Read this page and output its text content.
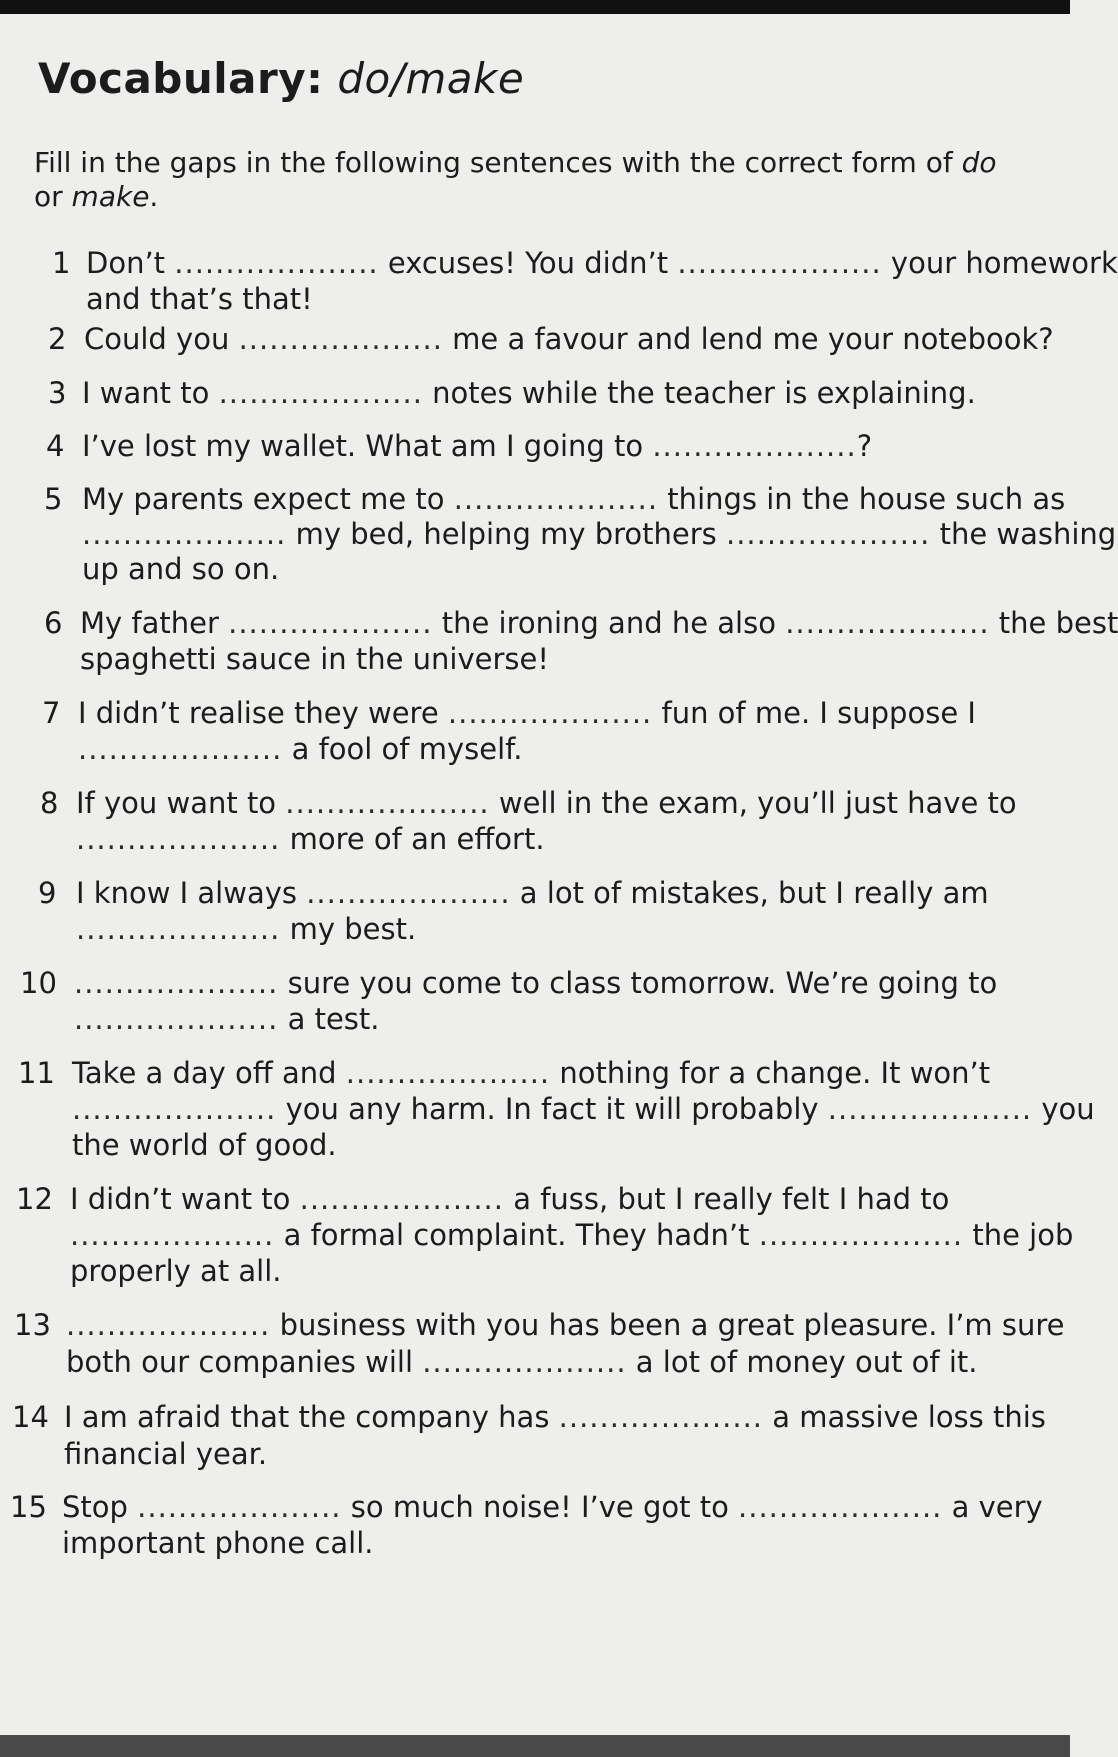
Vocabulary: do/make
Fill in the gaps in the following sentences with the correct form of do or make.
1 Don’t .................... excuses! You didn’t .................... your homework
and that’s that!
2 Could you .................... me a favour and lend me your notebook?
3 I want to .................... notes while the teacher is explaining.
4 I’ve lost my wallet. What am I going to ....................?
5 My parents expect me to .................... things in the house such as
.................... my bed, helping my brothers .................... the washing
up and so on.
6 My father .................... the ironing and he also .................... the best
spaghetti sauce in the universe!
7 I didn’t realise they were .................... fun of me. I suppose I
.................... a fool of myself.
8 If you want to .................... well in the exam, you’ll just have to
.................... more of an effort.
9 I know I always .................... a lot of mistakes, but I really am
.................... my best.
10 .................... sure you come to class tomorrow. We’re going to
.................... a test.
11 Take a day off and .................... nothing for a change. It won’t
.................... you any harm. In fact it will probably .................... you
the world of good.
12 I didn’t want to .................... a fuss, but I really felt I had to
.................... a formal complaint. They hadn’t .................... the job
properly at all.
13 .................... business with you has been a great pleasure. I’m sure
both our companies will .................... a lot of money out of it.
14 I am afraid that the company has .................... a massive loss this
financial year.
15 Stop .................... so much noise! I’ve got to .................... a very
important phone call.
